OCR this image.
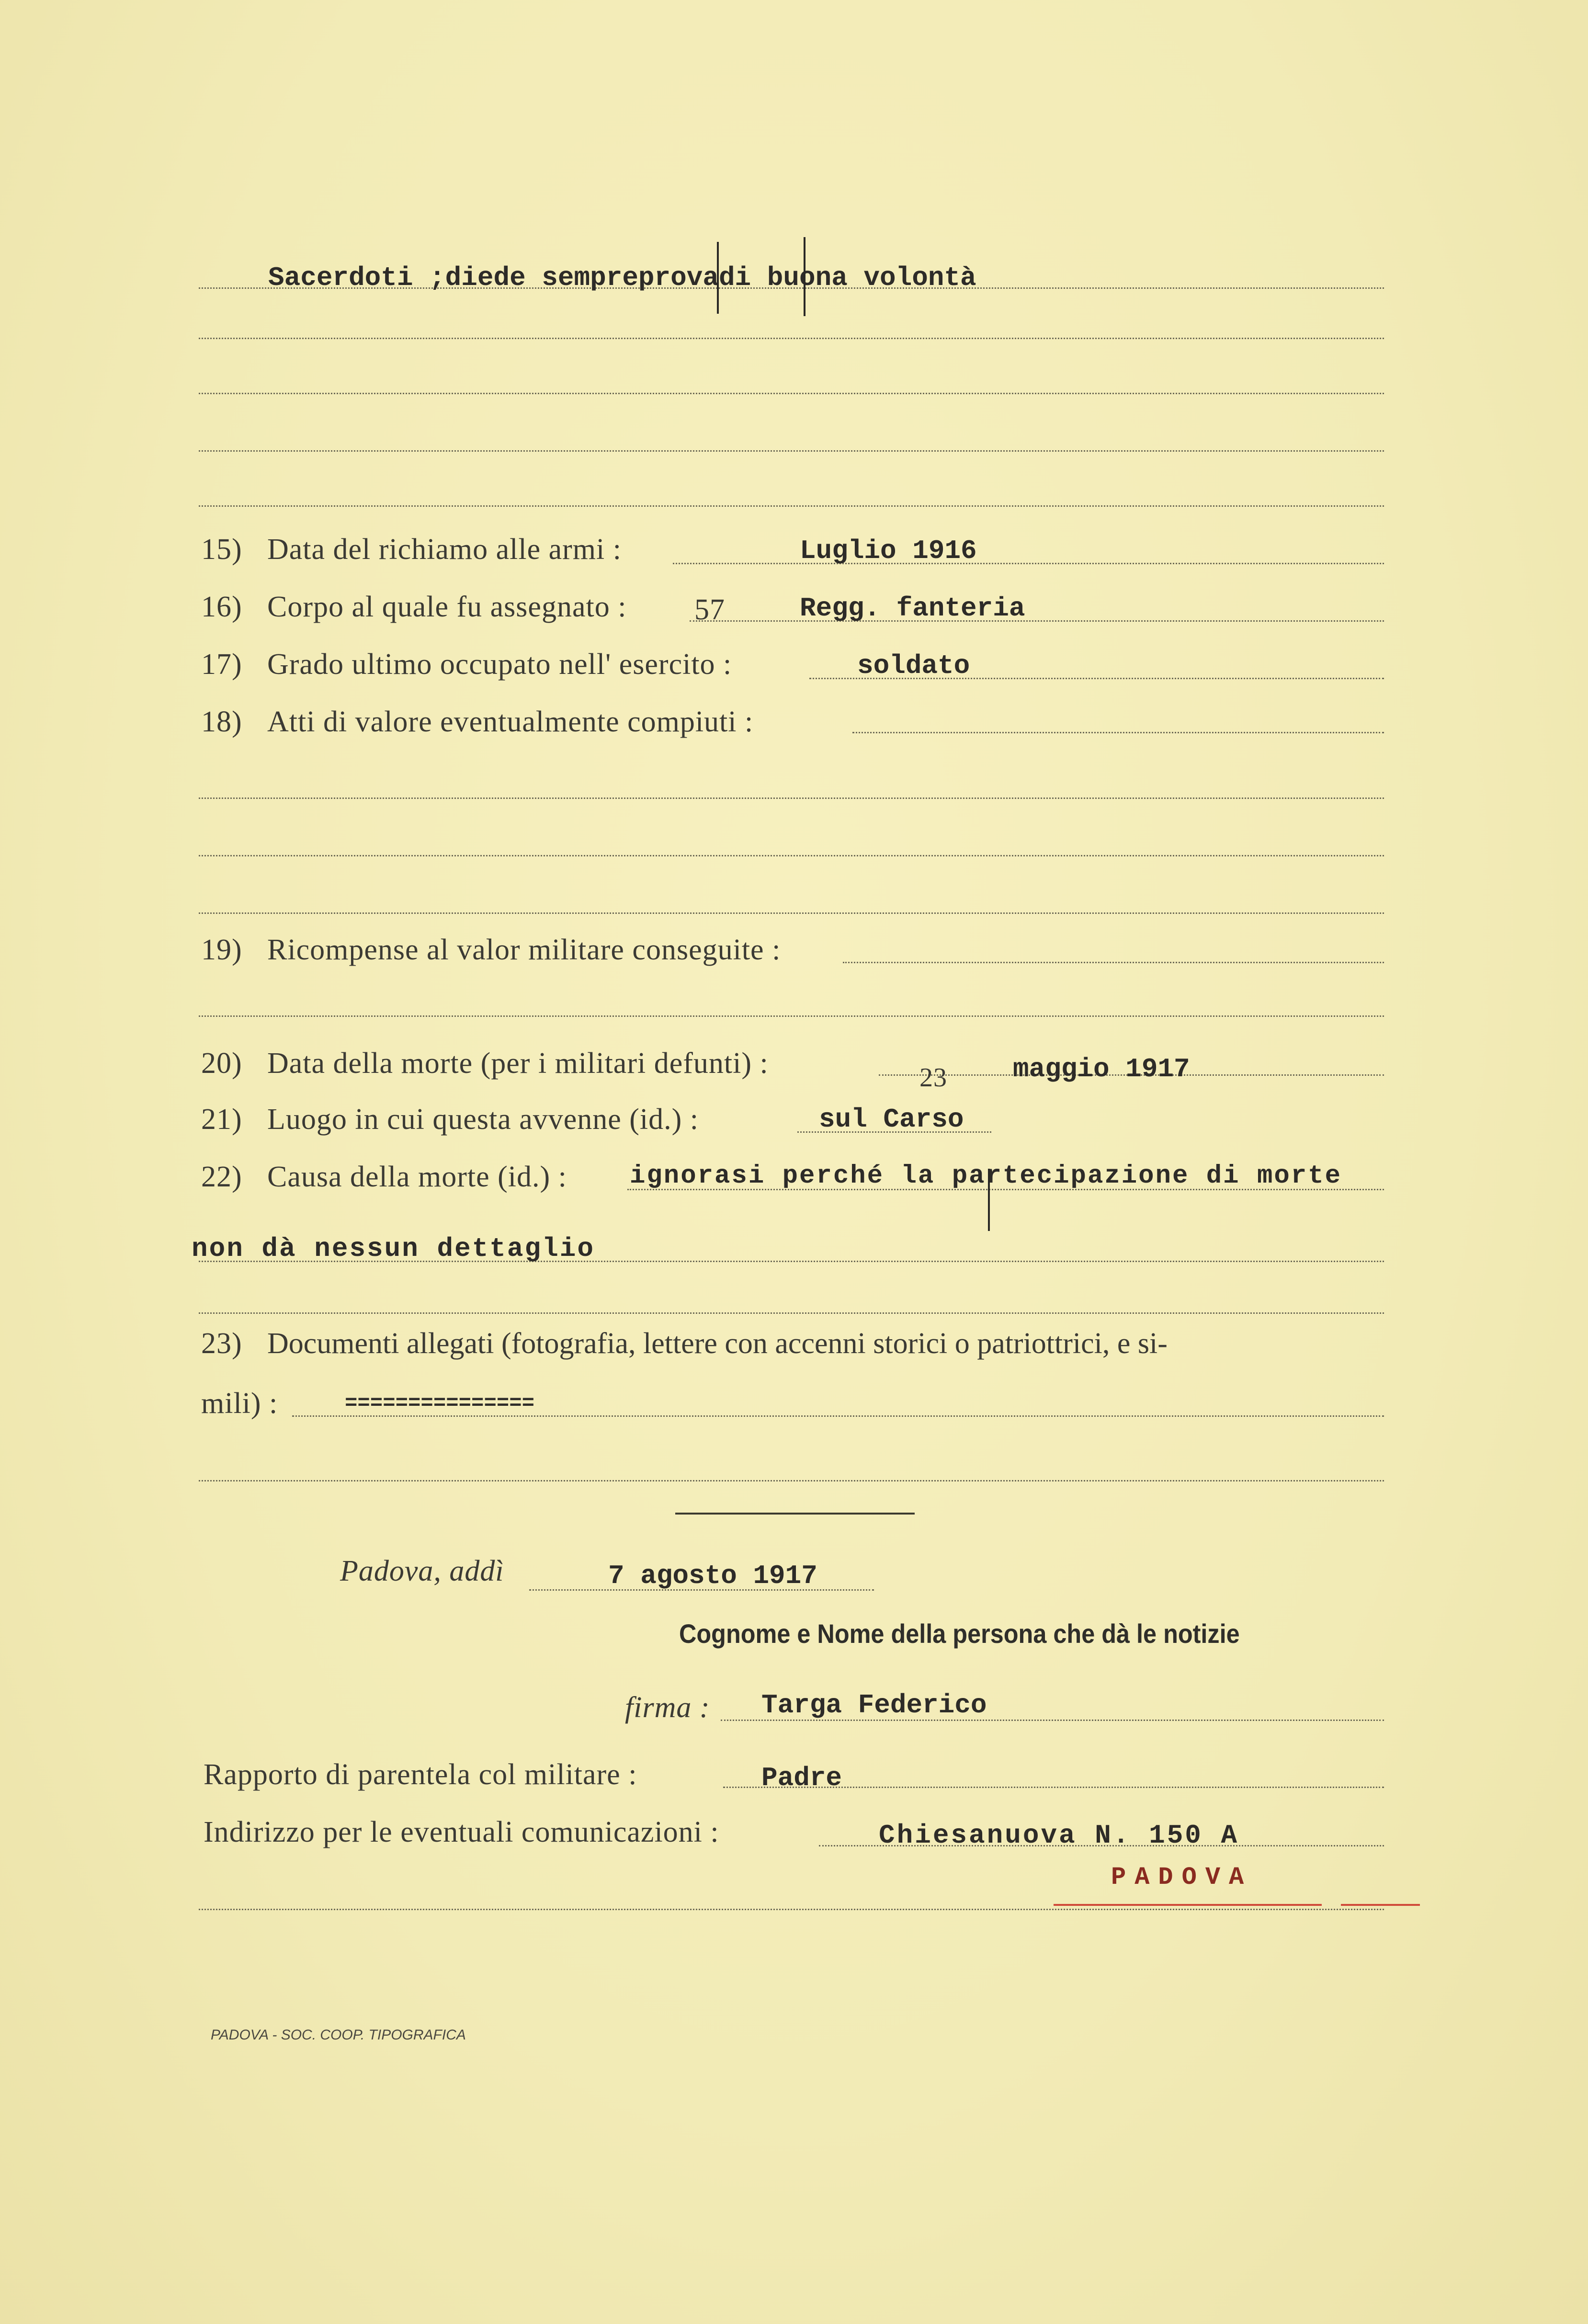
Sacerdoti ;diede sempreprovadi buona volontà
15) Data del richiamo alle armi :	Luglio 1916
16) Corpo al quale fu assegnato : 57	Regg. fanteria
17) Grado ultimo occupato nell' esercito :	soldato
18) Atti di valore eventualmente compiuti :
19) Ricompense al valor militare conseguite :
20) Data della morte (per i militari defunti) :	23 maggio 1917
21) Luogo in cui questa avvenne (id.) :	sul Carso
22) Causa della morte (id.) : ignorasi perché la partecipazione di morte
non dà nessun dettaglio
23) Documenti allegati (fotografia, lettere con accenni storici o patriottrici, e si-
mili) :	===============
Padova, addì	7 agosto 1917
Cognome e Nome della persona che dà le notizie
firma : Targa Federico
Rapporto di parentela col militare :	Padre
Indirizzo per le eventuali comunicazioni :	Chiesanuova N. 150 A
PADOVA
PADOVA - SOC. COOP. TIPOGRAFICA
